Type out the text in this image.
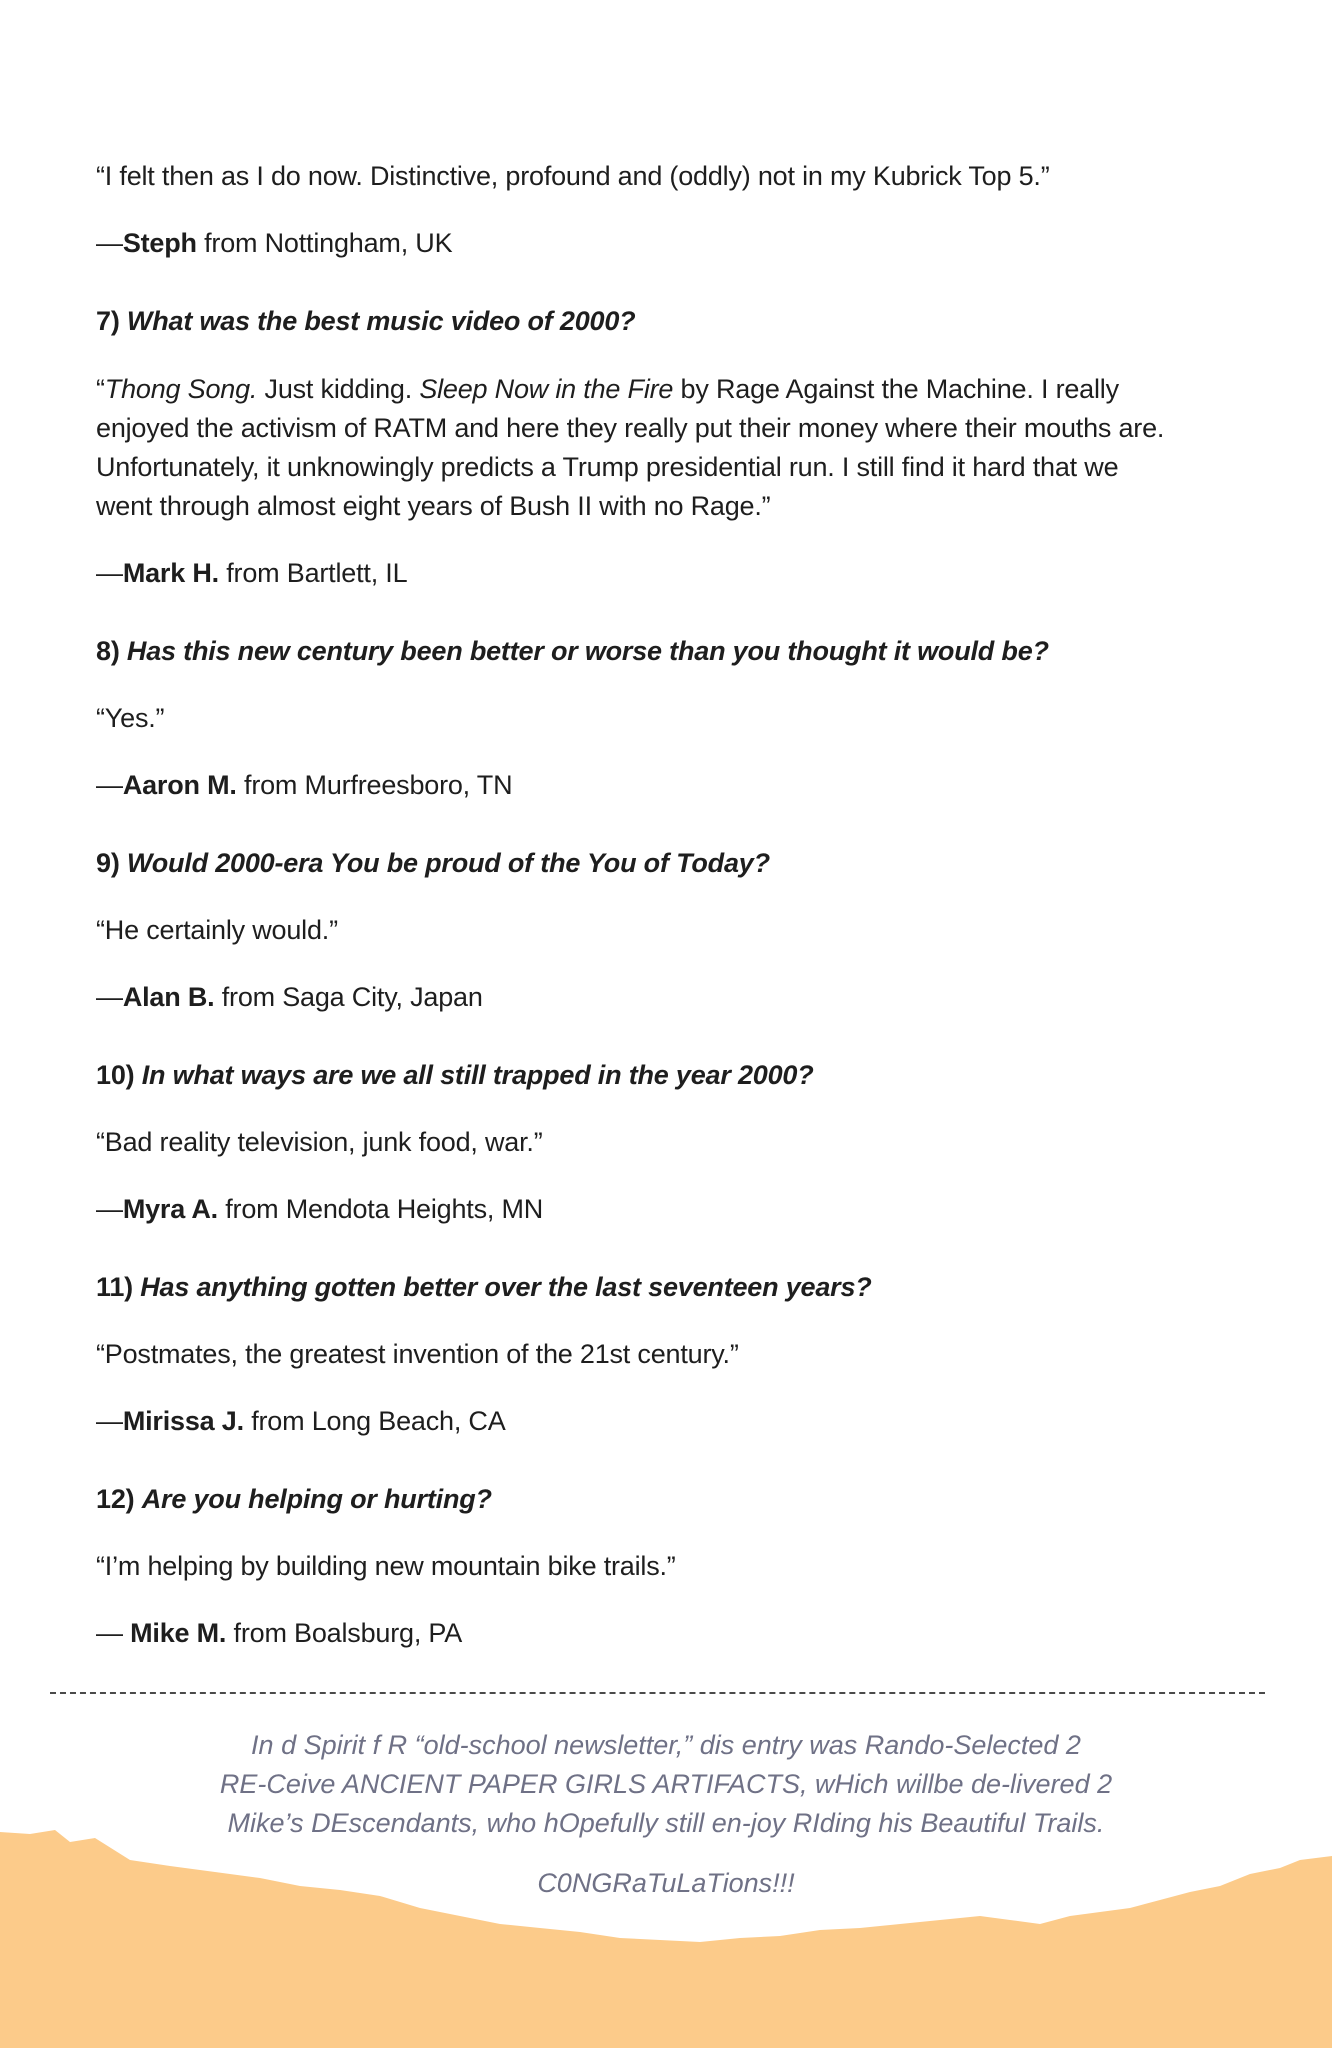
“I felt then as I do now. Distinctive, profound and (oddly) not in my Kubrick Top 5.”
—Steph from Nottingham, UK
7) What was the best music video of 2000?
“Thong Song. Just kidding. Sleep Now in the Fire by Rage Against the Machine. I really
enjoyed the activism of RATM and here they really put their money where their mouths are.
Unfortunately, it unknowingly predicts a Trump presidential run. I still find it hard that we
went through almost eight years of Bush II with no Rage.”
—Mark H. from Bartlett, IL
8) Has this new century been better or worse than you thought it would be?
“Yes.”
—Aaron M. from Murfreesboro, TN
9) Would 2000-era You be proud of the You of Today?
“He certainly would.”
—Alan B. from Saga City, Japan
10) In what ways are we all still trapped in the year 2000?
“Bad reality television, junk food, war.”
—Myra A. from Mendota Heights, MN
11) Has anything gotten better over the last seventeen years?
“Postmates, the greatest invention of the 21st century.”
—Mirissa J. from Long Beach, CA
12) Are you helping or hurting?
“I’m helping by building new mountain bike trails.”
— Mike M. from Boalsburg, PA
In d Spirit f R “old-school newsletter,” dis entry was Rando-Selected 2
RE-Ceive ANCIENT PAPER GIRLS ARTIFACTS, wHich willbe de-livered 2
Mike’s DEscendants, who hOpefully still en-joy RIding his Beautiful Trails.
C0NGRaTuLaTions!!!
